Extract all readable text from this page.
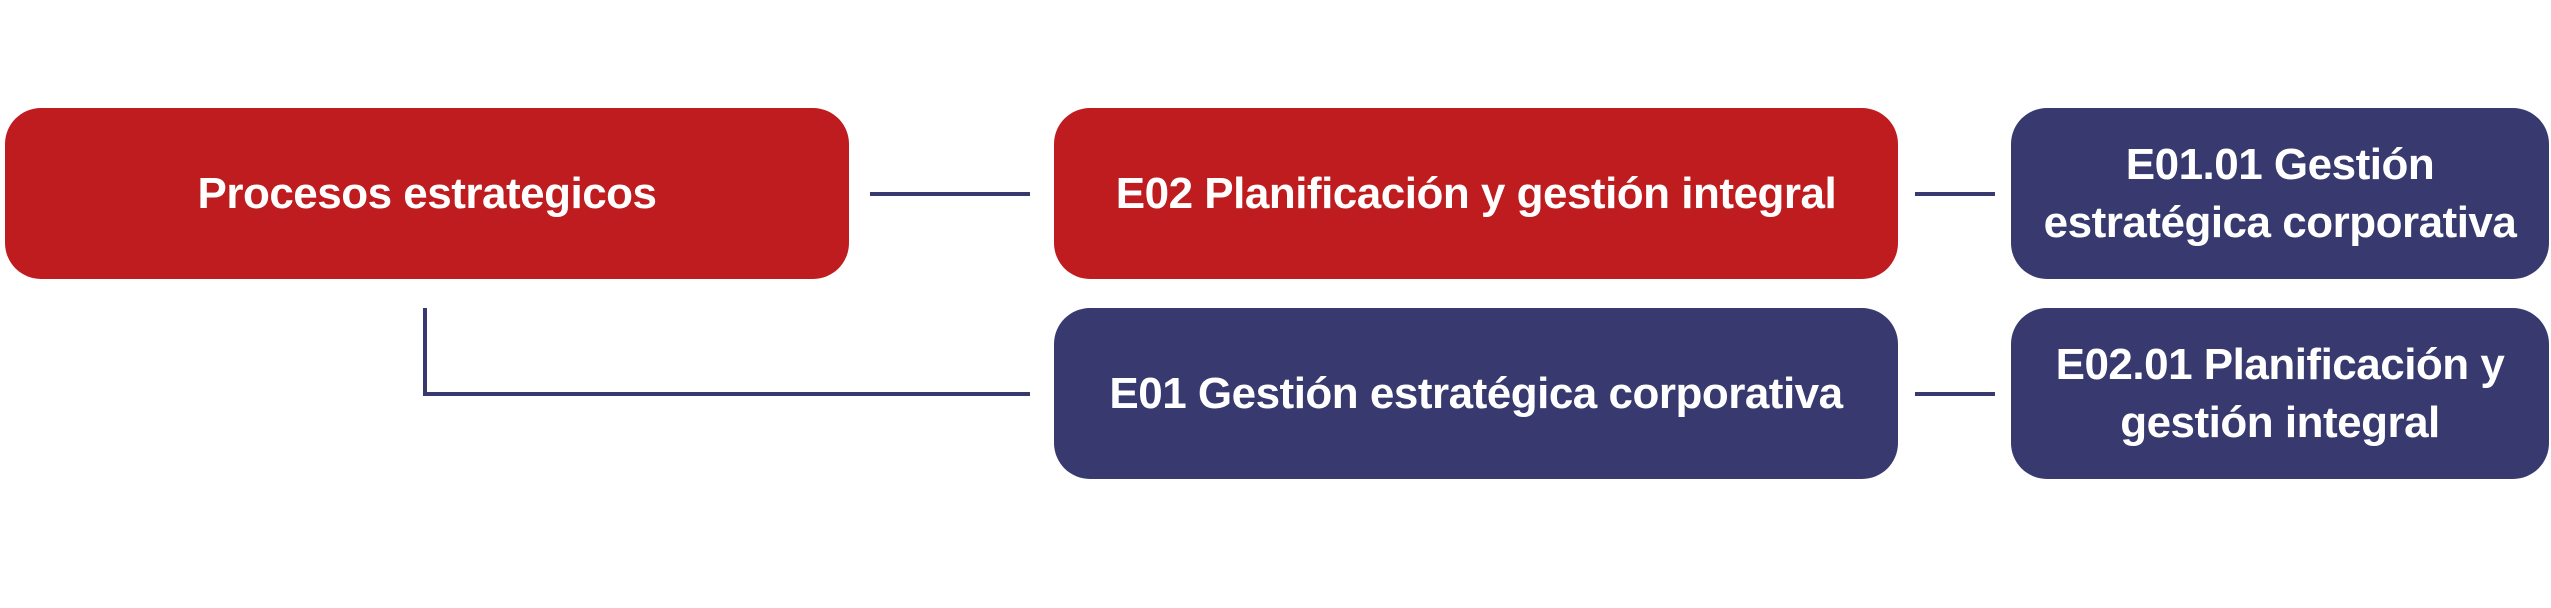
Procesos estrategicos	E02 Planificación y gestión integral
E01.01 Gestión
estratégica corporativa
E01 Gestión estratégica corporativa
E02.01 Planificación y
gestión integral
